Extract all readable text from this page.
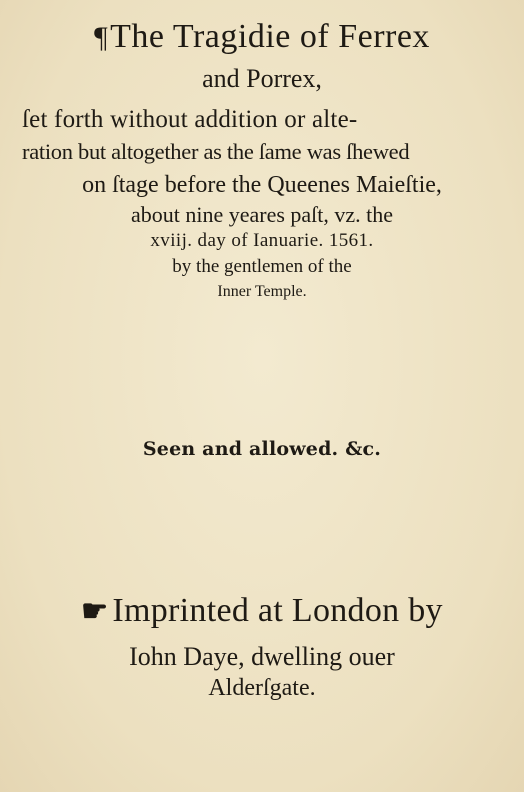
¶The Tragidie of Ferrex
and Porrex,
ſet forth without addition or alte-
ration but altogether as the ſame was ſhewed
on ſtage before the Queenes Maieſtie,
about nine yeares paſt, vz. the
xviij. day of Ianuarie. 1561.
by the gentlemen of the
Inner Temple.
Seen and allowed. &c.
☛ Imprinted at London by
Iohn Daye, dwelling ouer
Alderſgate.
